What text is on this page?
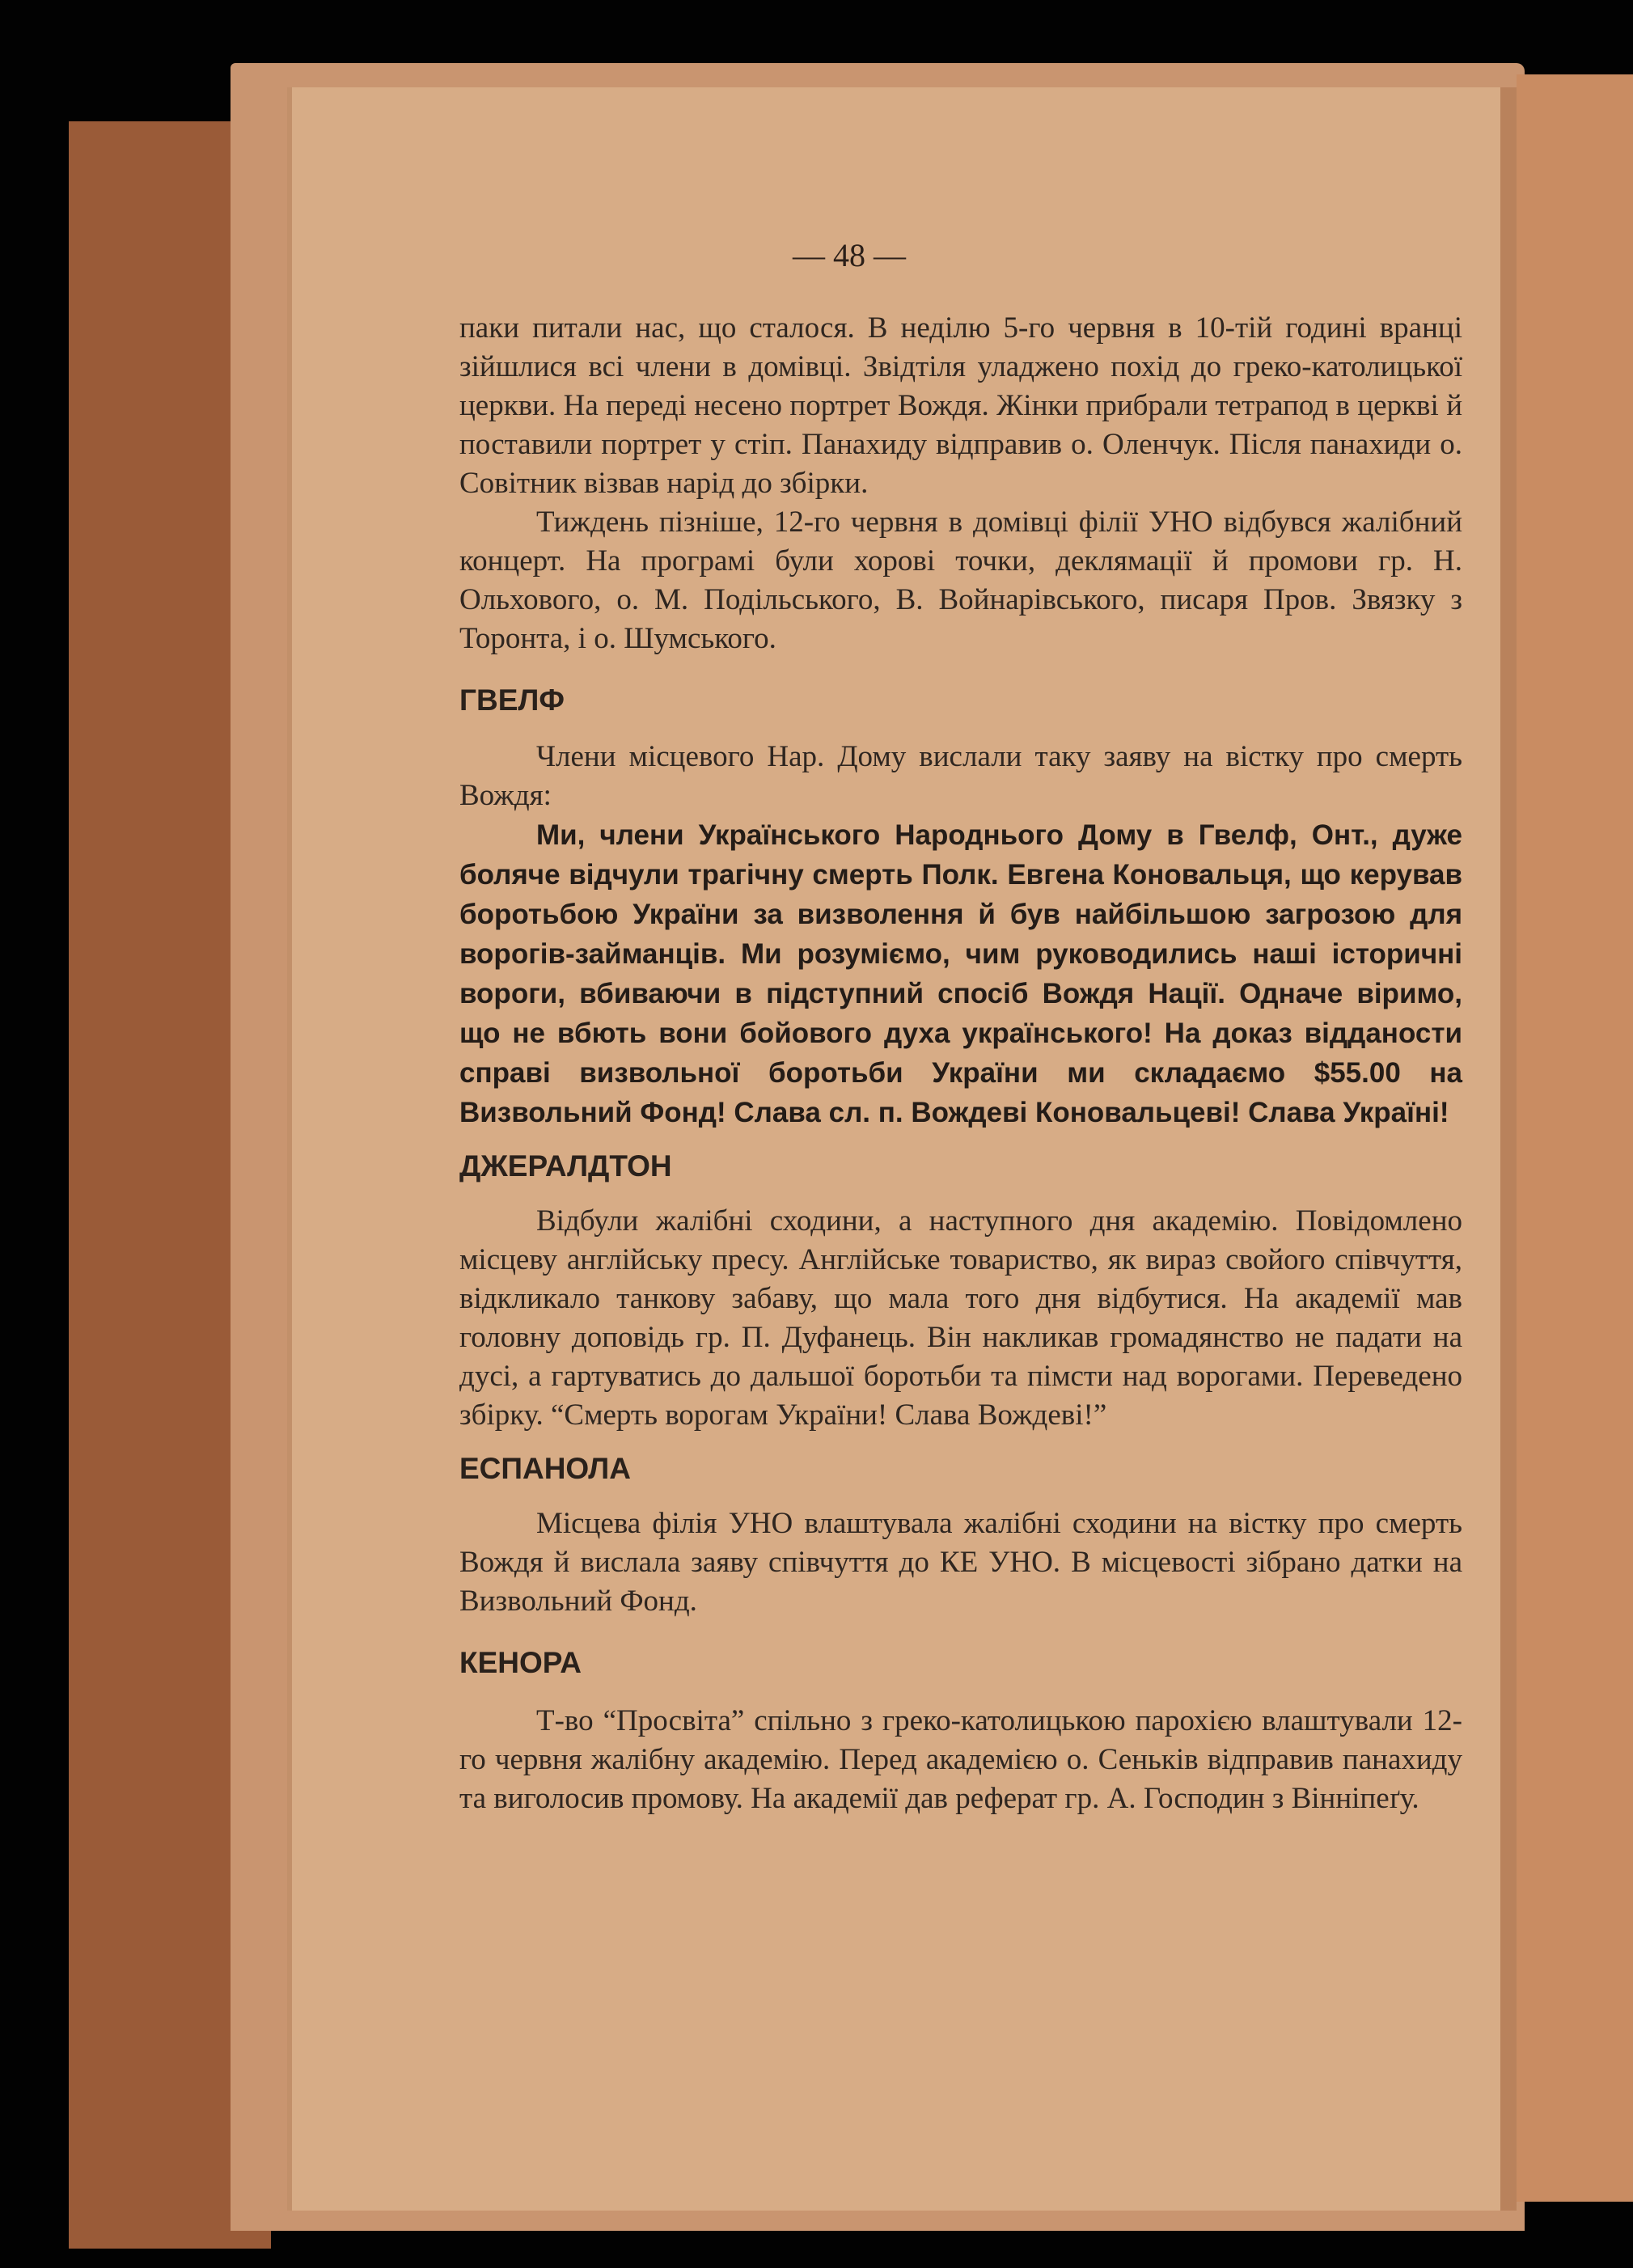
— 48 —

паки питали нас, що сталося. В неділю 5-го червня в 10-тій годині вранці зійшлися всі члени в домівці. Звідтіля уладжено похід до греко-католицької церкви. На переді несено портрет Вождя. Жінки прибрали тетрапод в церкві й поставили портрет у стіп. Панахиду відправив о. Оленчук. Після панахиди о. Совітник візвав нарід до збірки.

Тиждень пізніше, 12-го червня в домівці філії УНО відбувся жалібний концерт. На програмі були хорові точки, деклямації й промови гр. Н. Ольхового, о. М. Подільського, В. Войнарівського, писаря Пров. Звязку з Торонта, і о. Шумського.

ГВЕЛФ

Члени місцевого Нар. Дому вислали таку заяву на вістку про смерть Вождя:

Ми, члени Українського Народнього Дому в Гвелф, Онт., дуже боляче відчули трагічну смерть Полк. Евгена Коновальця, що керував боротьбою України за визволення й був найбільшою загрозою для ворогів-займанців. Ми розуміємо, чим руководились наші історичні вороги, вбиваючи в підступний спосіб Вождя Нації. Одначе віримо, що не вбють вони бойового духа українського! На доказ відданости справі визвольної боротьби України ми складаємо $55.00 на Визвольний Фонд! Слава сл. п. Вождеві Коновальцеві! Слава Україні!

ДЖЕРАЛДТОН

Відбули жалібні сходини, а наступного дня академію. Повідомлено місцеву англійську пресу. Англійське товариство, як вираз свойого співчуття, відкликало танкову забаву, що мала того дня відбутися. На академії мав головну доповідь гр. П. Дуфанець. Він накликав громадянство не падати на дусі, а гартуватись до дальшої боротьби та пімсти над ворогами. Переведено збірку. “Смерть ворогам України! Слава Вождеві!”

ЕСПАНОЛА

Місцева філія УНО влаштувала жалібні сходини на вістку про смерть Вождя й вислала заяву співчуття до КЕ УНО. В місцевості зібрано датки на Визвольний Фонд.

КЕНОРА

Т-во “Просвіта” спільно з греко-католицькою парохією влаштували 12-го червня жалібну академію. Перед академією о. Сеньків відправив панахиду та виголосив промову. На академії дав реферат гр. А. Господин з Вінніпеґу.
